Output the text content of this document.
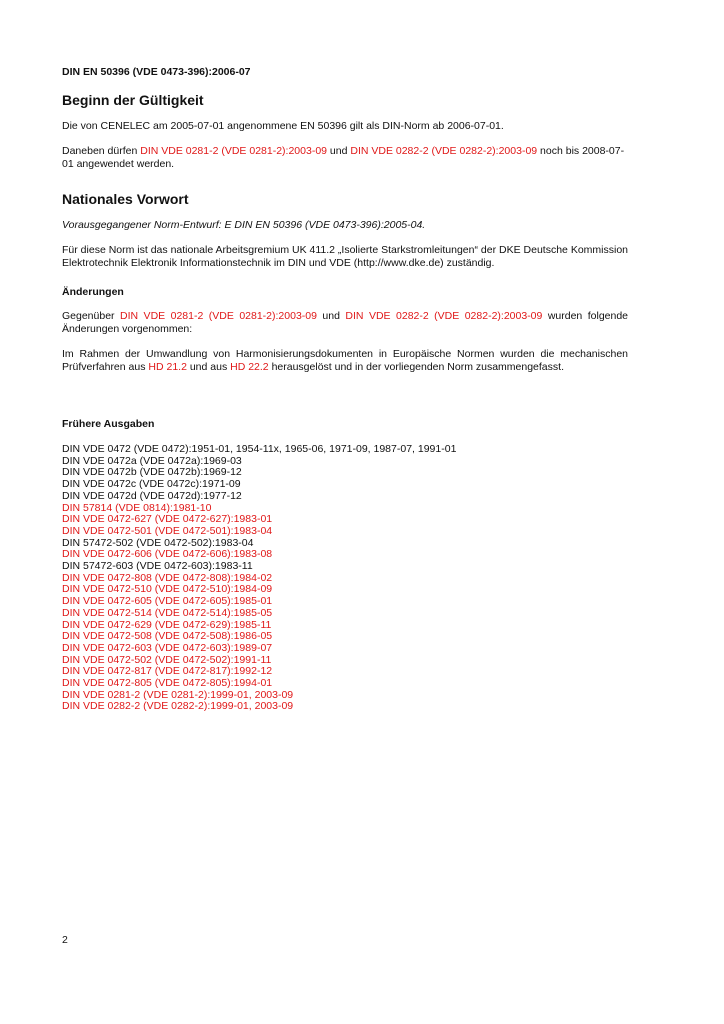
DIN EN 50396 (VDE 0473-396):2006-07
Beginn der Gültigkeit

Die von CENELEC am 2005-07-01 angenommene EN 50396 gilt als DIN-Norm ab 2006-07-01.

Daneben dürfen DIN VDE 0281-2 (VDE 0281-2):2003-09 und DIN VDE 0282-2 (VDE 0282-2):2003-09 noch bis 2008-07-01 angewendet werden.

Nationales Vorwort

Vorausgegangener Norm-Entwurf: E DIN EN 50396 (VDE 0473-396):2005-04.

Für diese Norm ist das nationale Arbeitsgremium UK 411.2 „Isolierte Starkstromleitungen“ der DKE Deutsche Kommission Elektrotechnik Elektronik Informationstechnik im DIN und VDE (http://www.dke.de) zuständig.

Änderungen

Gegenüber DIN VDE 0281-2 (VDE 0281-2):2003-09 und DIN VDE 0282-2 (VDE 0282-2):2003-09 wurden folgende Änderungen vorgenommen:

Im Rahmen der Umwandlung von Harmonisierungsdokumenten in Europäische Normen wurden die mechanischen Prüfverfahren aus HD 21.2 und aus HD 22.2 herausgelöst und in der vorliegenden Norm zusammengefasst.

Frühere Ausgaben
DIN VDE 0472 (VDE 0472):1951-01, 1954-11x, 1965-06, 1971-09, 1987-07, 1991-01
DIN VDE 0472a (VDE 0472a):1969-03
DIN VDE 0472b (VDE 0472b):1969-12
DIN VDE 0472c (VDE 0472c):1971-09
DIN VDE 0472d (VDE 0472d):1977-12
DIN 57814 (VDE 0814):1981-10
DIN VDE 0472-627 (VDE 0472-627):1983-01
DIN VDE 0472-501 (VDE 0472-501):1983-04
DIN 57472-502 (VDE 0472-502):1983-04
DIN VDE 0472-606 (VDE 0472-606):1983-08
DIN 57472-603 (VDE 0472-603):1983-11
DIN VDE 0472-808 (VDE 0472-808):1984-02
DIN VDE 0472-510 (VDE 0472-510):1984-09
DIN VDE 0472-605 (VDE 0472-605):1985-01
DIN VDE 0472-514 (VDE 0472-514):1985-05
DIN VDE 0472-629 (VDE 0472-629):1985-11
DIN VDE 0472-508 (VDE 0472-508):1986-05
DIN VDE 0472-603 (VDE 0472-603):1989-07
DIN VDE 0472-502 (VDE 0472-502):1991-11
DIN VDE 0472-817 (VDE 0472-817):1992-12
DIN VDE 0472-805 (VDE 0472-805):1994-01
DIN VDE 0281-2 (VDE 0281-2):1999-01, 2003-09
DIN VDE 0282-2 (VDE 0282-2):1999-01, 2003-09
2
